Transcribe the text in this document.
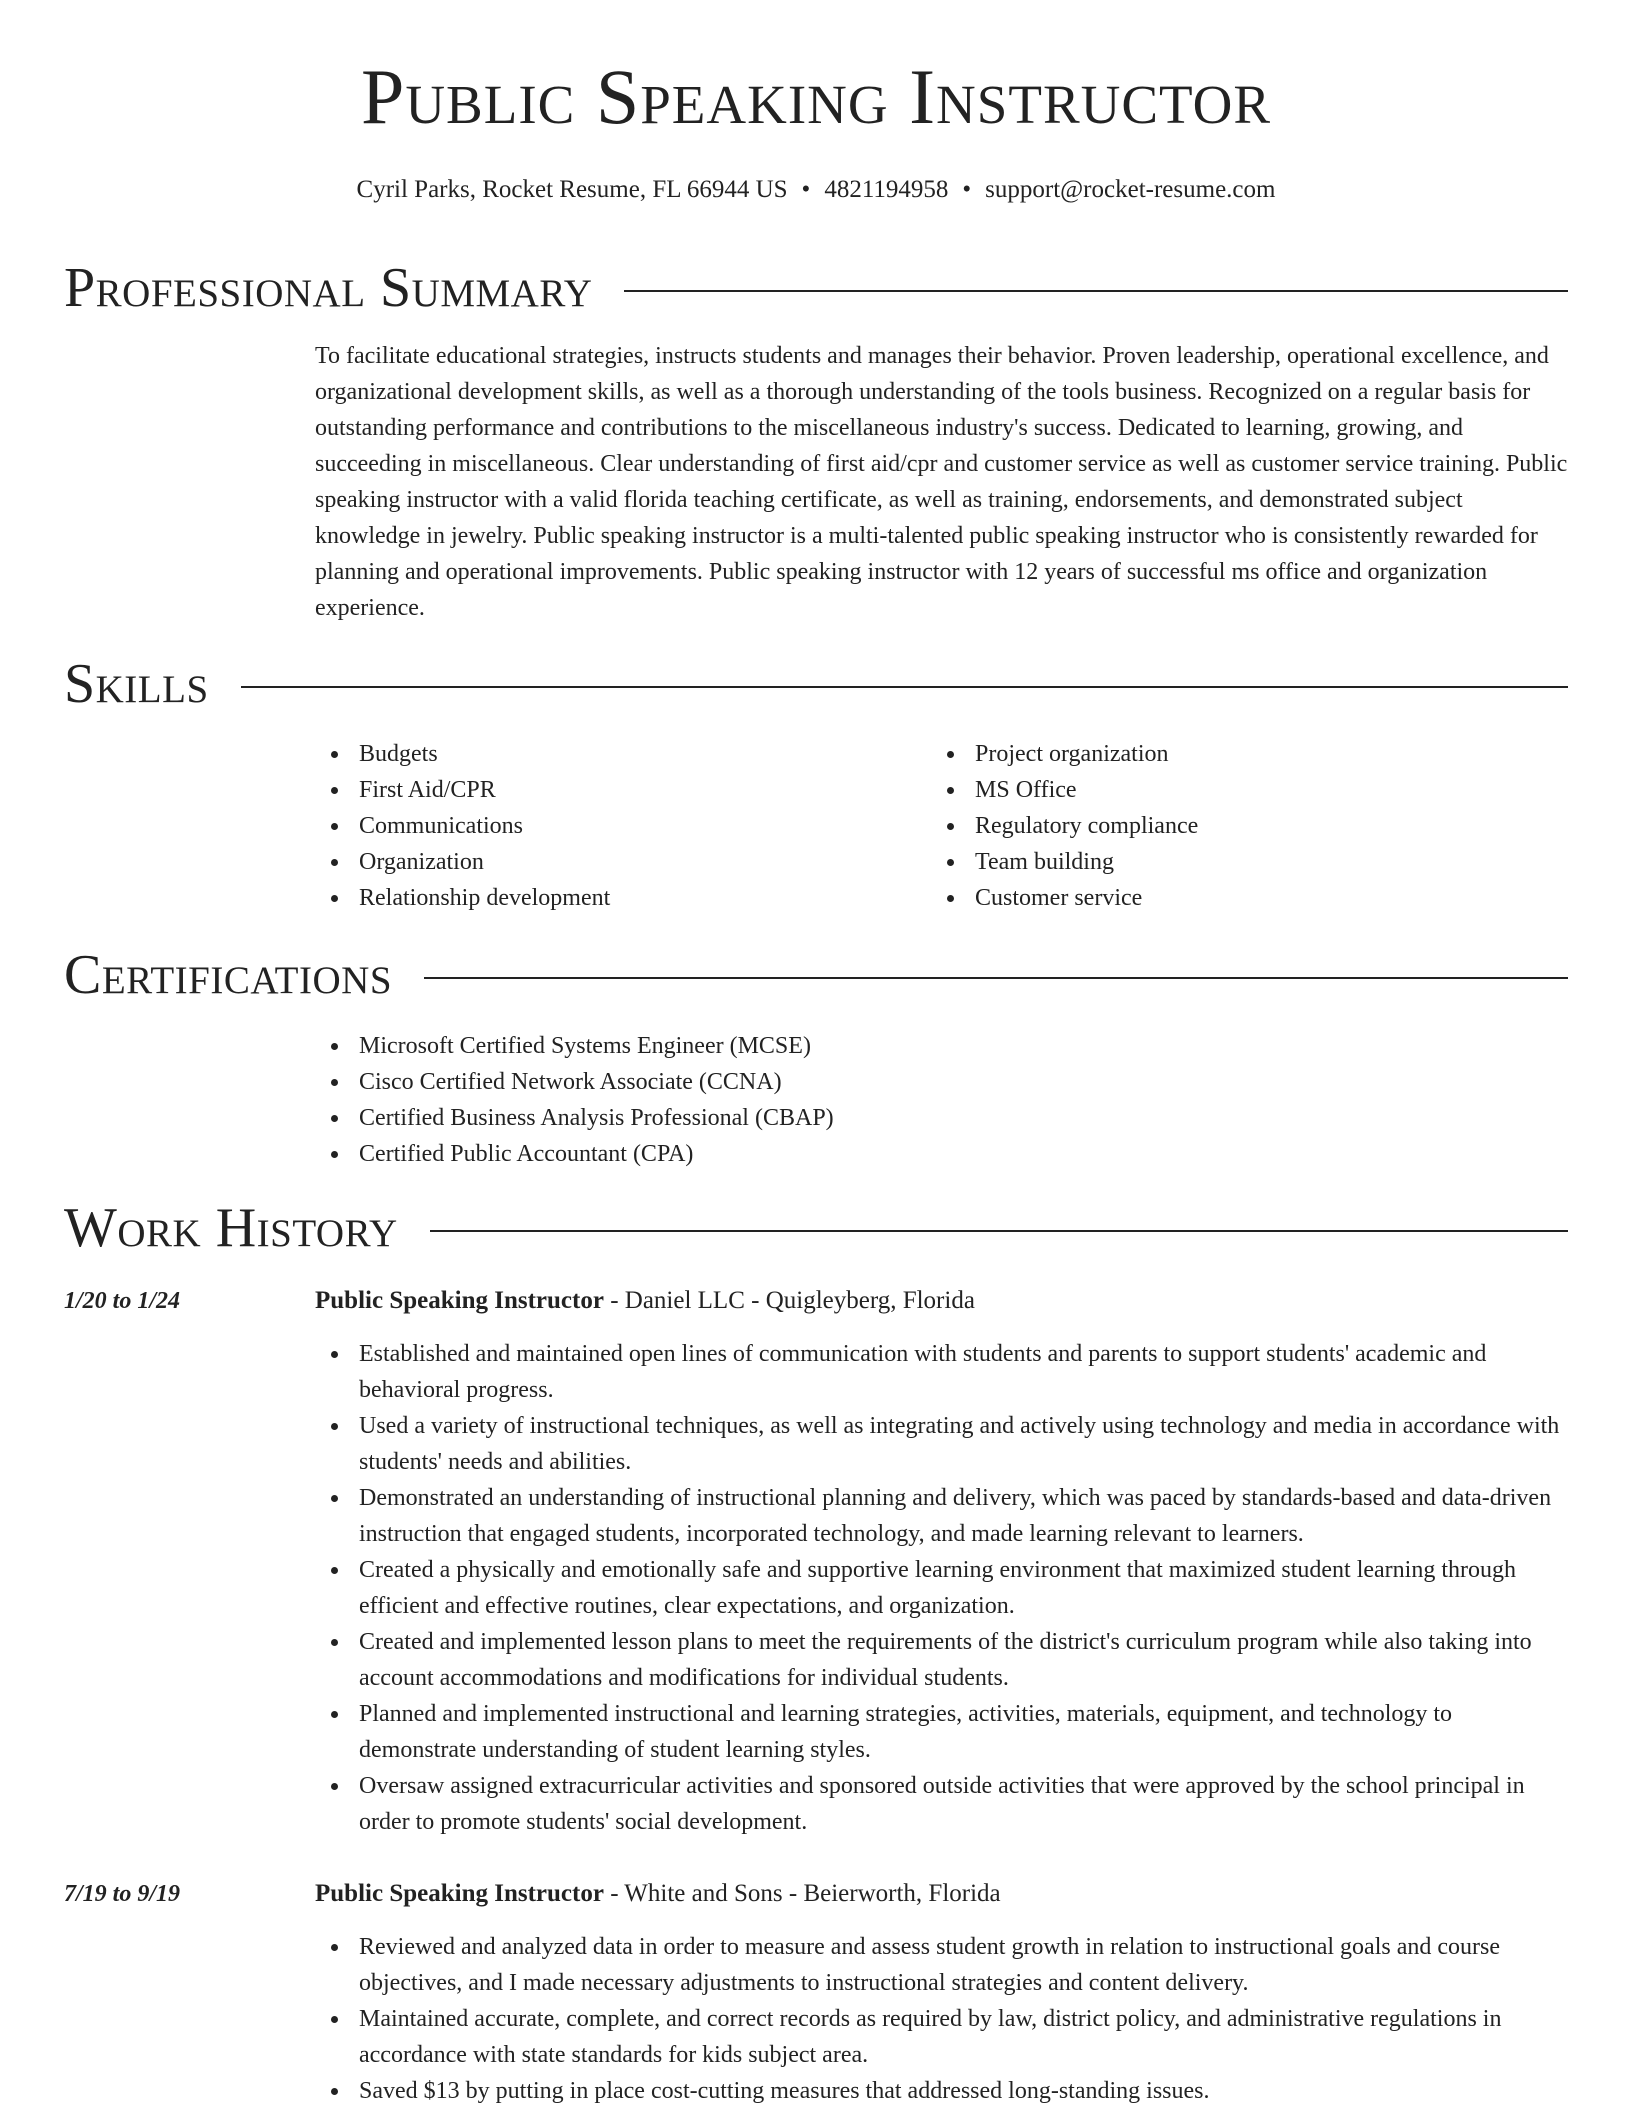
Public Speaking Instructor
Cyril Parks, Rocket Resume, FL 66944 US • 4821194958 • support@rocket-resume.com
Professional Summary
To facilitate educational strategies, instructs students and manages their behavior. Proven leadership, operational excellence, and organizational development skills, as well as a thorough understanding of the tools business. Recognized on a regular basis for outstanding performance and contributions to the miscellaneous industry's success. Dedicated to learning, growing, and succeeding in miscellaneous. Clear understanding of first aid/cpr and customer service as well as customer service training. Public speaking instructor with a valid florida teaching certificate, as well as training, endorsements, and demonstrated subject knowledge in jewelry. Public speaking instructor is a multi-talented public speaking instructor who is consistently rewarded for planning and operational improvements. Public speaking instructor with 12 years of successful ms office and organization experience.
Skills
Budgets
First Aid/CPR
Communications
Organization
Relationship development
Project organization
MS Office
Regulatory compliance
Team building
Customer service
Certifications
Microsoft Certified Systems Engineer (MCSE)
Cisco Certified Network Associate (CCNA)
Certified Business Analysis Professional (CBAP)
Certified Public Accountant (CPA)
Work History
1/20 to 1/24	Public Speaking Instructor - Daniel LLC - Quigleyberg, Florida
Established and maintained open lines of communication with students and parents to support students' academic and behavioral progress.
Used a variety of instructional techniques, as well as integrating and actively using technology and media in accordance with students' needs and abilities.
Demonstrated an understanding of instructional planning and delivery, which was paced by standards-based and data-driven instruction that engaged students, incorporated technology, and made learning relevant to learners.
Created a physically and emotionally safe and supportive learning environment that maximized student learning through efficient and effective routines, clear expectations, and organization.
Created and implemented lesson plans to meet the requirements of the district's curriculum program while also taking into account accommodations and modifications for individual students.
Planned and implemented instructional and learning strategies, activities, materials, equipment, and technology to demonstrate understanding of student learning styles.
Oversaw assigned extracurricular activities and sponsored outside activities that were approved by the school principal in order to promote students' social development.
7/19 to 9/19	Public Speaking Instructor - White and Sons - Beierworth, Florida
Reviewed and analyzed data in order to measure and assess student growth in relation to instructional goals and course objectives, and I made necessary adjustments to instructional strategies and content delivery.
Maintained accurate, complete, and correct records as required by law, district policy, and administrative regulations in accordance with state standards for kids subject area.
Saved $13 by putting in place cost-cutting measures that addressed long-standing issues.
